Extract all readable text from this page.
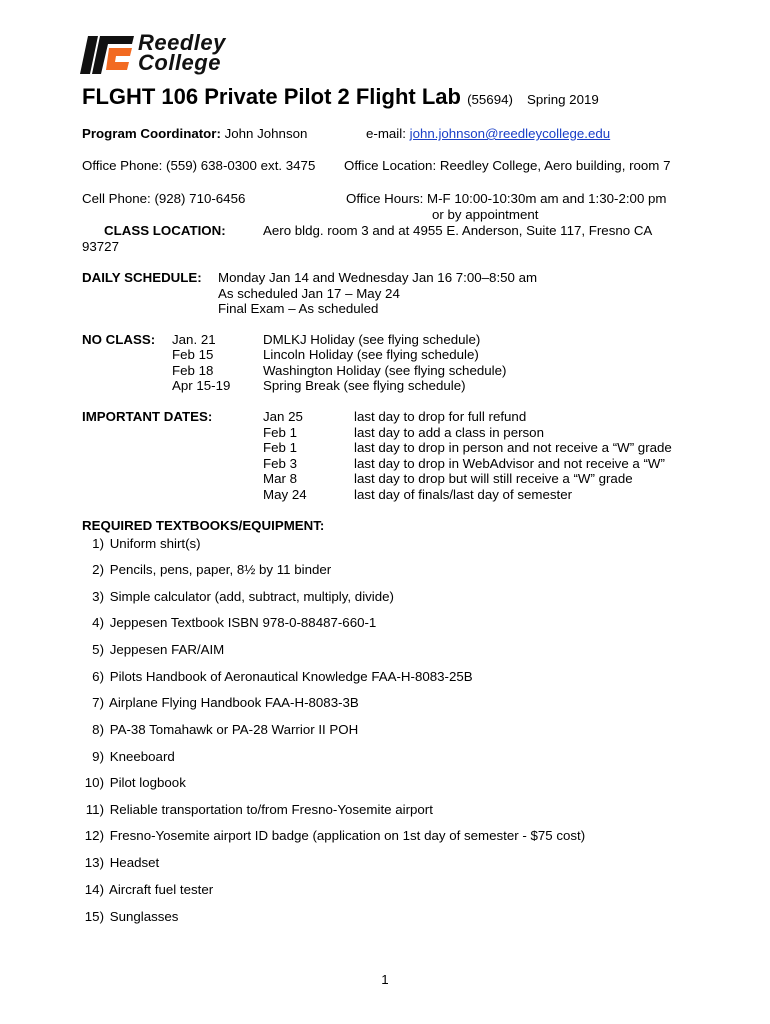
Reedley
College
FLGHT 106 Private Pilot 2 Flight Lab (55694) Spring 2019
Program Coordinator: John Johnson	e-mail: john.johnson@reedleycollege.edu
Office Phone: (559) 638-0300 ext. 3475 Office Location: Reedley College, Aero building, room 7
Cell Phone: (928) 710-6456	Office Hours: M-F 10:00-10:30m am and 1:30-2:00 pm
or by appointment
CLASS LOCATION:	Aero bldg. room 3 and at 4955 E. Anderson, Suite 117, Fresno CA
93727
DAILY SCHEDULE: Monday Jan 14 and Wednesday Jan 16 7:00–8:50 am
As scheduled Jan 17 – May 24
Final Exam – As scheduled
NO CLASS: Jan. 21	DMLKJ Holiday (see flying schedule)
Feb 15	Lincoln Holiday (see flying schedule)
Feb 18	Washington Holiday (see flying schedule)
Apr 15-19 Spring Break (see flying schedule)
IMPORTANT DATES:	Jan 25	last day to drop for full refund
Feb 1	last day to add a class in person
Feb 1	last day to drop in person and not receive a “W” grade
Feb 3	last day to drop in WebAdvisor and not receive a “W”
Mar 8	last day to drop but will still receive a “W” grade
May 24	last day of finals/last day of semester
REQUIRED TEXTBOOKS/EQUIPMENT:
1) Uniform shirt(s)
2) Pencils, pens, paper, 8½ by 11 binder
3) Simple calculator (add, subtract, multiply, divide)
4) Jeppesen Textbook ISBN 978-0-88487-660-1
5) Jeppesen FAR/AIM
6) Pilots Handbook of Aeronautical Knowledge FAA-H-8083-25B
7) Airplane Flying Handbook FAA-H-8083-3B
8) PA-38 Tomahawk or PA-28 Warrior II POH
9) Kneeboard
10) Pilot logbook
11) Reliable transportation to/from Fresno-Yosemite airport
12) Fresno-Yosemite airport ID badge (application on 1st day of semester - $75 cost)
13) Headset
14) Aircraft fuel tester
15) Sunglasses
1
